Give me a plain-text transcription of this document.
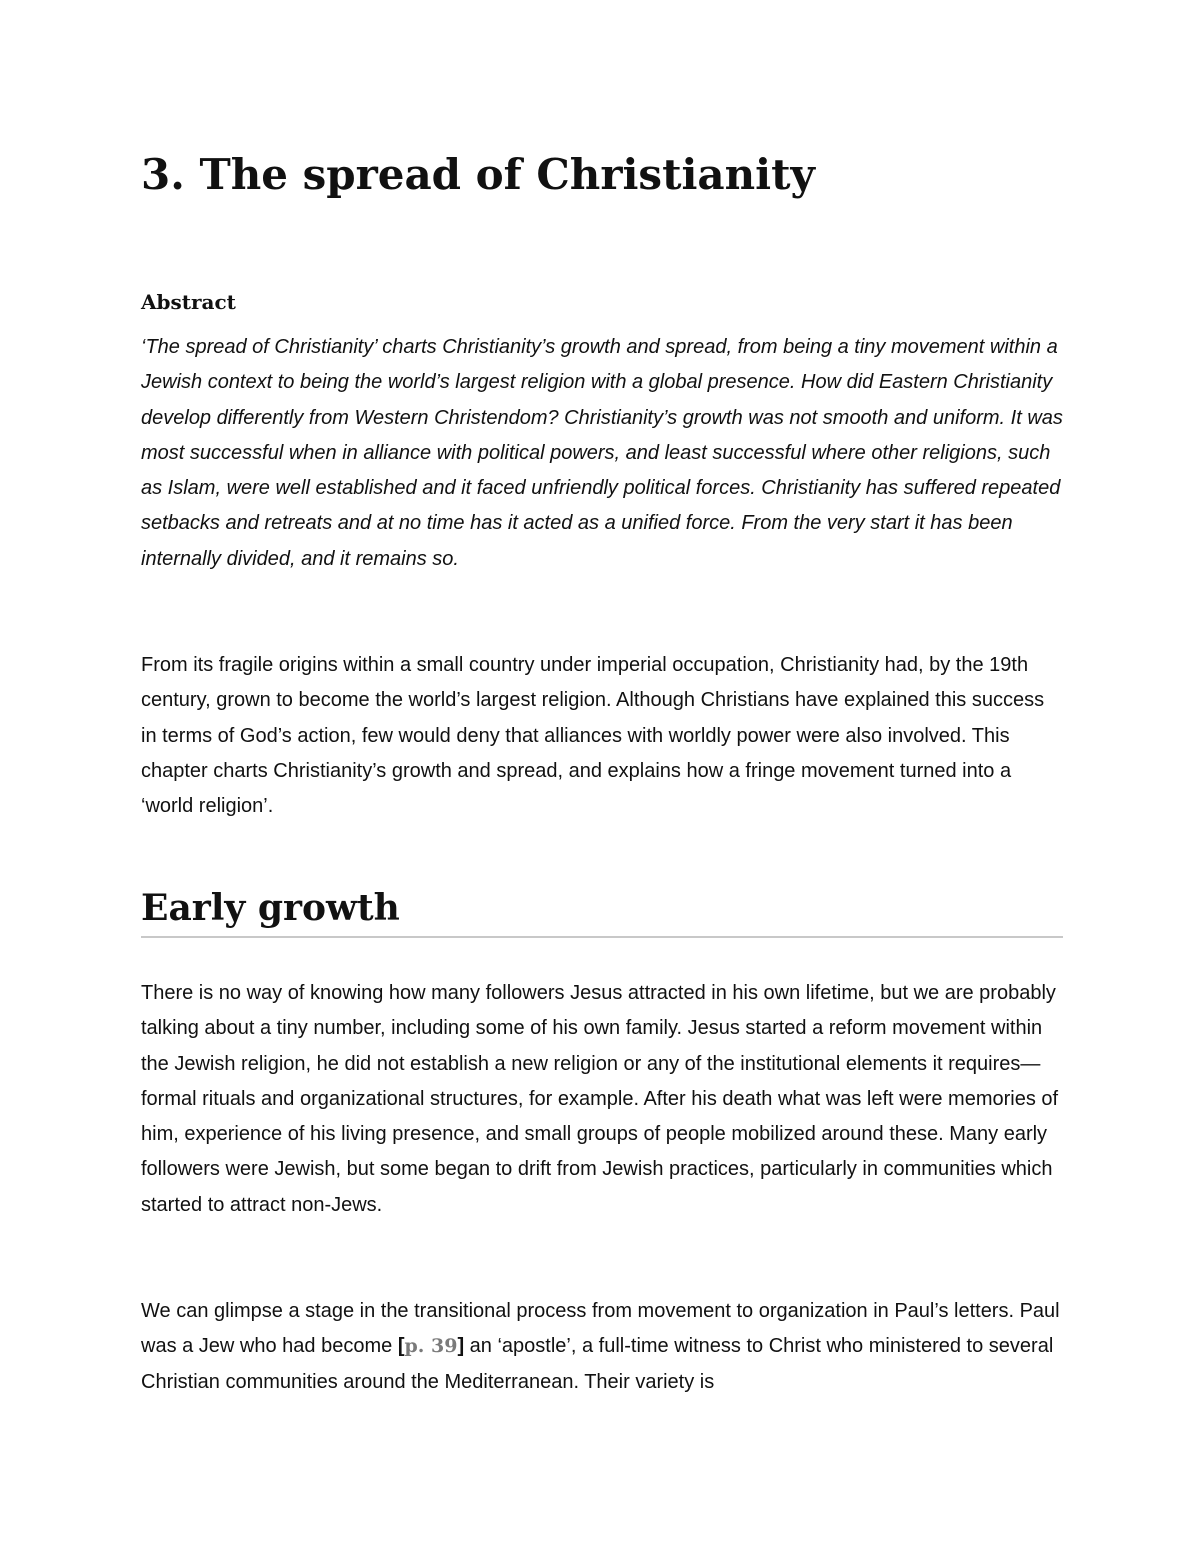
3. The spread of Christianity
Abstract

‘The spread of Christianity’ charts Christianity’s growth and spread, from being a tiny movement within a Jewish context to being the world’s largest religion with a global presence. How did Eastern Christianity develop differently from Western Christendom? Christianity’s growth was not smooth and uniform. It was most successful when in alliance with political powers, and least successful where other religions, such as Islam, were well established and it faced unfriendly political forces. Christianity has suffered repeated setbacks and retreats and at no time has it acted as a unified force. From the very start it has been internally divided, and it remains so.

From its fragile origins within a small country under imperial occupation, Christianity had, by the 19th century, grown to become the world’s largest religion. Although Christians have explained this success in terms of God’s action, few would deny that alliances with worldly power were also involved. This chapter charts Christianity’s growth and spread, and explains how a fringe movement turned into a ‘world religion’.

Early growth

There is no way of knowing how many followers Jesus attracted in his own lifetime, but we are probably talking about a tiny number, including some of his own family. Jesus started a reform movement within the Jewish religion, he did not establish a new religion or any of the institutional elements it requires—formal rituals and organizational structures, for example. After his death what was left were memories of him, experience of his living presence, and small groups of people mobilized around these. Many early followers were Jewish, but some began to drift from Jewish practices, particularly in communities which started to attract non-Jews.

We can glimpse a stage in the transitional process from movement to organization in Paul’s letters. Paul was a Jew who had become [p. 39] an ‘apostle’, a full-time witness to Christ who ministered to several Christian communities around the Mediterranean. Their variety is
